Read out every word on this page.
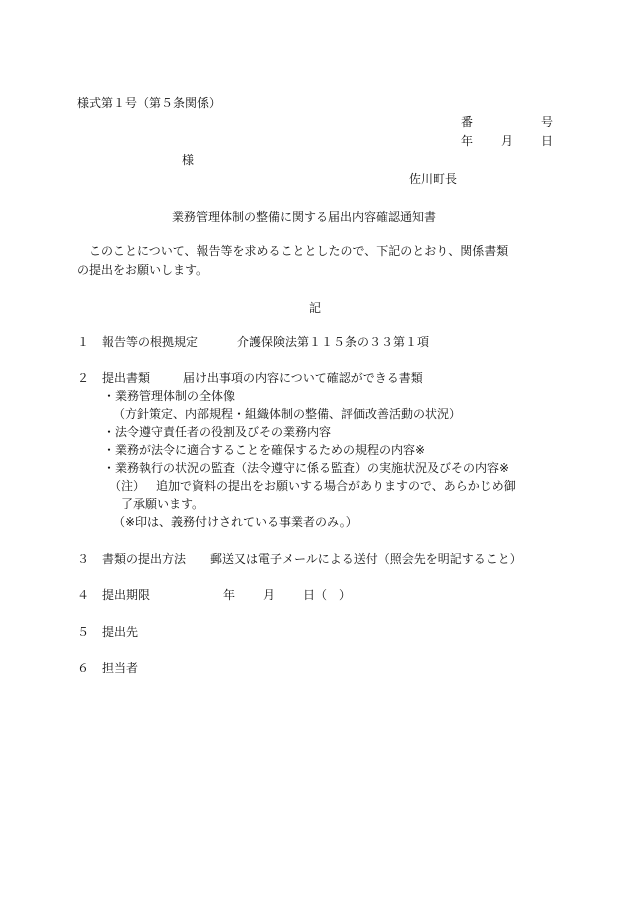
様式第１号（第５条関係）
番	号
年 月 日
様
佐川町長
業務管理体制の整備に関する届出内容確認通知書
このことについて、報告等を求めることとしたので、下記のとおり、関係書類
の提出をお願いします。
記
１ 報告等の根拠規定	介護保険法第１１５条の３３第１項
２ 提出書類	届け出事項の内容について確認ができる書類
・業務管理体制の全体像
（方針策定、内部規程・組織体制の整備、評価改善活動の状況）
・法令遵守責任者の役割及びその業務内容
・業務が法令に適合することを確保するための規程の内容※
・業務執行の状況の監査（法令遵守に係る監査）の実施状況及びその内容※
（注） 追加で資料の提出をお願いする場合がありますので、あらかじめ御
了承願います。
（※印は、義務付けされている事業者のみ。）
３ 書類の提出方法 郵送又は電子メールによる送付（照会先を明記すること）
４ 提出期限	年 月 日（　）
５ 提出先
６ 担当者
